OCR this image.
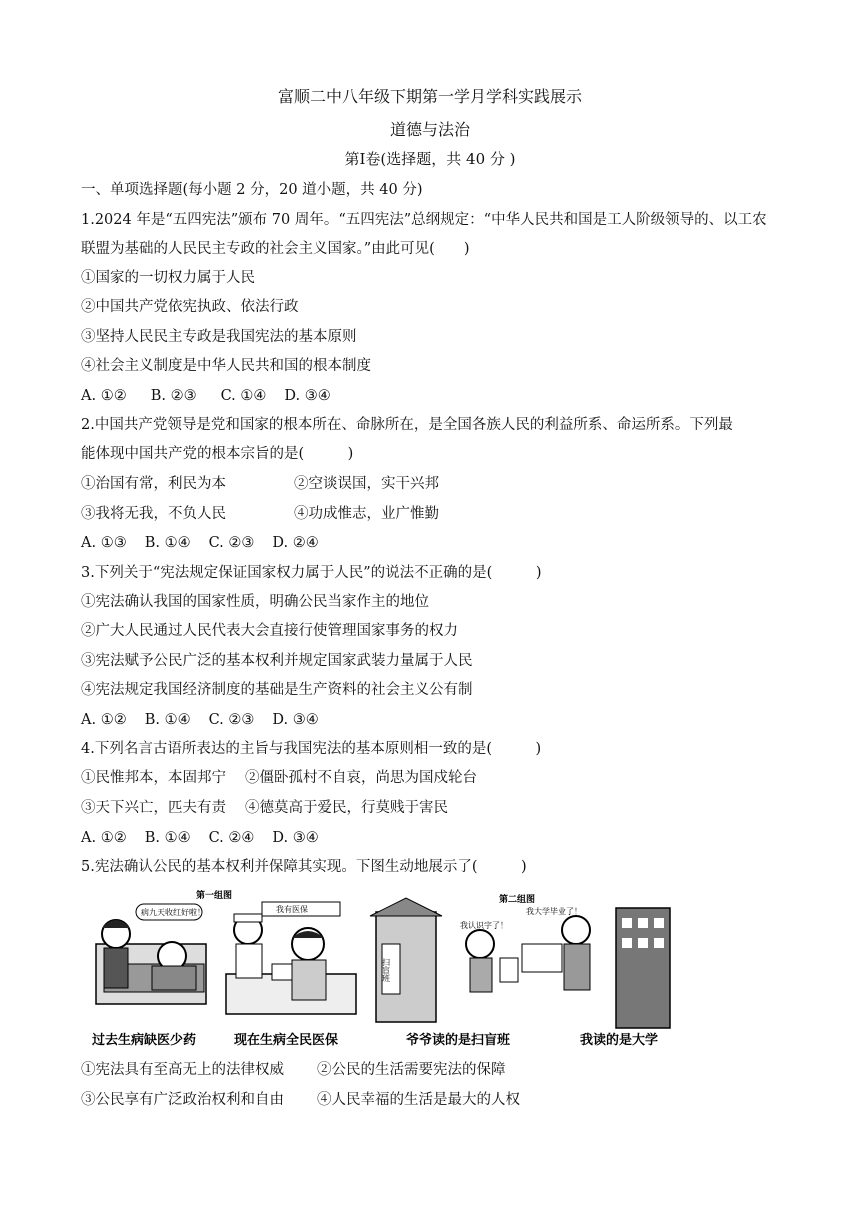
富顺二中八年级下期第一学月学科实践展示
道德与法治
第Ⅰ卷(选择题，共 40 分 )
一、单项选择题(每小题 2 分，20 道小题，共 40 分)
1.2024 年是“五四宪法”颁布 70 周年。“五四宪法”总纲规定：“中华人民共和国是工人阶级领导的、以工农
联盟为基础的人民民主专政的社会主义国家。”由此可见(　　)
①国家的一切权力属于人民
②中国共产党依宪执政、依法行政
③坚持人民民主专政是我国宪法的基本原则
④社会主义制度是中华人民共和国的根本制度
A. ①② B. ②③ C. ①④ D. ③④
2.中国共产党领导是党和国家的根本所在、命脉所在，是全国各族人民的利益所系、命运所系。下列最
能体现中国共产党的根本宗旨的是(　　　)
①治国有常，利民为本	②空谈误国，实干兴邦
③我将无我，不负人民	④功成惟志，业广惟勤
A. ①③ B. ①④ C. ②③ D. ②④
3.下列关于“宪法规定保证国家权力属于人民”的说法不正确的是(　　　)
①宪法确认我国的国家性质，明确公民当家作主的地位
②广大人民通过人民代表大会直接行使管理国家事务的权力
③宪法赋予公民广泛的基本权利并规定国家武装力量属于人民
④宪法规定我国经济制度的基础是生产资料的社会主义公有制
A. ①② B. ①④ C. ②③ D. ③④
4.下列名言古语所表达的主旨与我国宪法的基本原则相一致的是(　　　)
①民惟邦本，本固邦宁 ②僵卧孤村不自哀，尚思为国戍轮台
③天下兴亡，匹夫有责 ④德莫高于爱民，行莫贱于害民
A. ①② B. ①④ C. ②④ D. ③④
5.宪法确认公民的基本权利并保障其实现。下图生动地展示了(　　　)
第一组图	第二组图
病九天收红好啦！	我有医保
扫盲班
我认识字了！
我大学毕业了！
过去生病缺医少药	现在生病全民医保	爷爷读的是扫盲班	我读的是大学
①宪法具有至高无上的法律权威 ②公民的生活需要宪法的保障
③公民享有广泛政治权利和自由 ④人民幸福的生活是最大的人权
